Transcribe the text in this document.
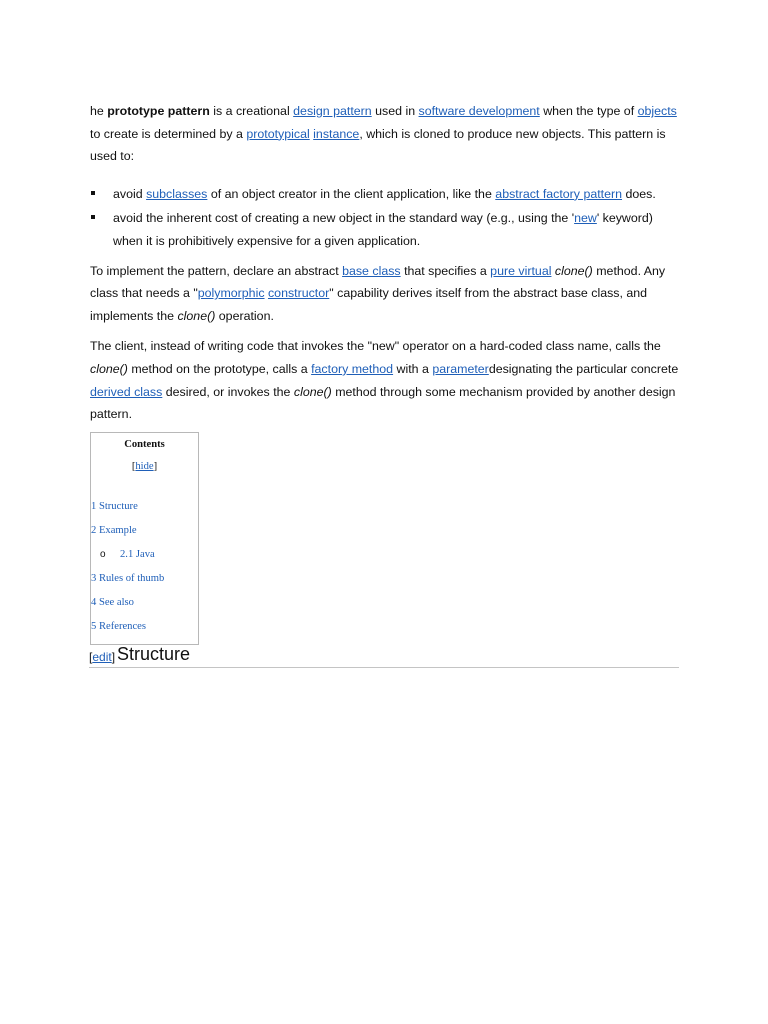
he prototype pattern is a creational design pattern used in software development when the type of objects to create is determined by a prototypical instance, which is cloned to produce new objects. This pattern is used to:

avoid subclasses of an object creator in the client application, like the abstract factory pattern does.
avoid the inherent cost of creating a new object in the standard way (e.g., using the 'new' keyword) when it is prohibitively expensive for a given application.

To implement the pattern, declare an abstract base class that specifies a pure virtual clone() method. Any class that needs a "polymorphic constructor" capability derives itself from the abstract base class, and implements the clone() operation.

The client, instead of writing code that invokes the "new" operator on a hard-coded class name, calls the clone() method on the prototype, calls a factory method with a parameterdesignating the particular concrete derived class desired, or invokes the clone() method through some mechanism provided by another design pattern.

Contents
[hide]
1 Structure
2 Example
o 2.1 Java
3 Rules of thumb
4 See also
5 References
[edit] Structure
